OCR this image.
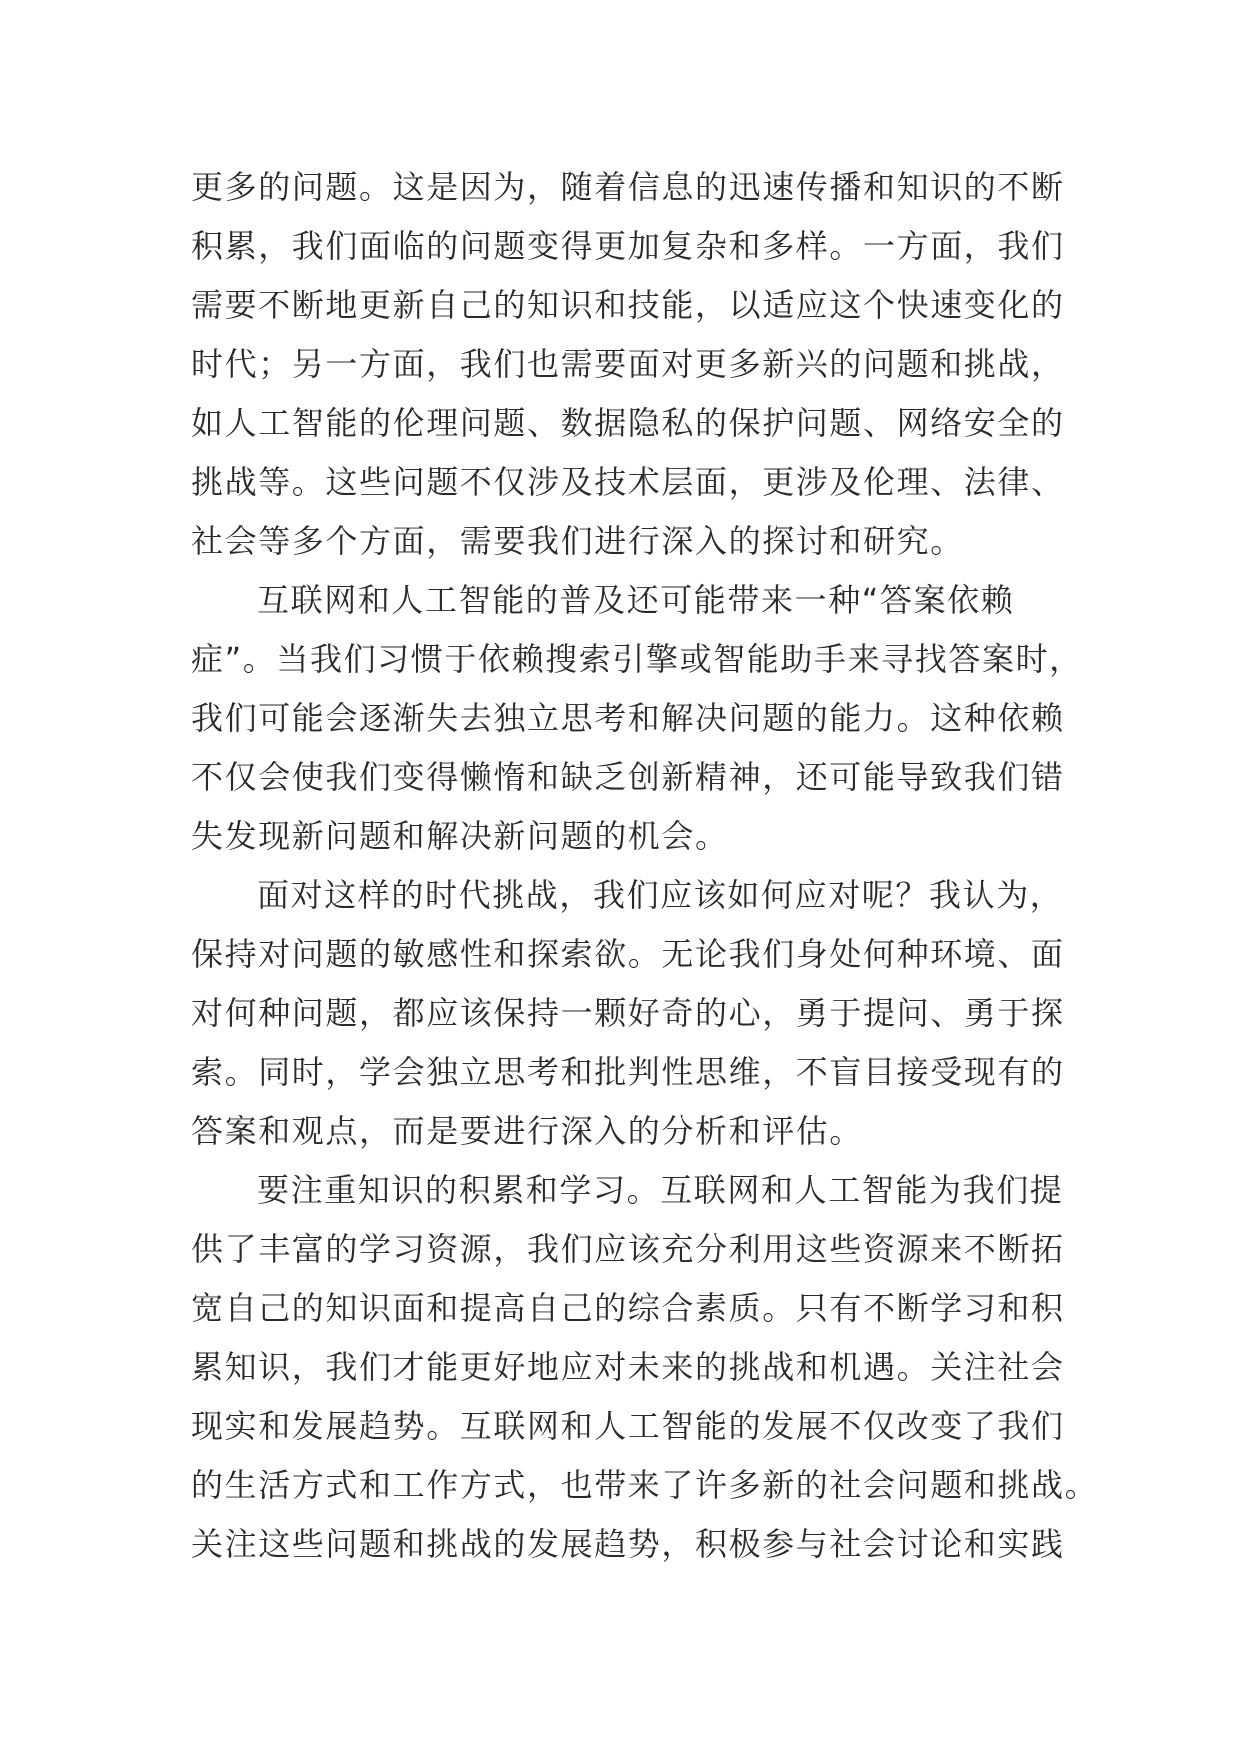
更多的问题。这是因为，随着信息的迅速传播和知识的不断
积累，我们面临的问题变得更加复杂和多样。一方面，我们
需要不断地更新自己的知识和技能，以适应这个快速变化的
时代；另一方面，我们也需要面对更多新兴的问题和挑战，
如人工智能的伦理问题、数据隐私的保护问题、网络安全的
挑战等。这些问题不仅涉及技术层面，更涉及伦理、法律、
社会等多个方面，需要我们进行深入的探讨和研究。
互联网和人工智能的普及还可能带来一种“答案依赖
症”。当我们习惯于依赖搜索引擎或智能助手来寻找答案时，
我们可能会逐渐失去独立思考和解决问题的能力。这种依赖
不仅会使我们变得懒惰和缺乏创新精神，还可能导致我们错
失发现新问题和解决新问题的机会。
面对这样的时代挑战，我们应该如何应对呢？我认为，
保持对问题的敏感性和探索欲。无论我们身处何种环境、面
对何种问题，都应该保持一颗好奇的心，勇于提问、勇于探
索。同时，学会独立思考和批判性思维，不盲目接受现有的
答案和观点，而是要进行深入的分析和评估。
要注重知识的积累和学习。互联网和人工智能为我们提
供了丰富的学习资源，我们应该充分利用这些资源来不断拓
宽自己的知识面和提高自己的综合素质。只有不断学习和积
累知识，我们才能更好地应对未来的挑战和机遇。关注社会
现实和发展趋势。互联网和人工智能的发展不仅改变了我们
的生活方式和工作方式，也带来了许多新的社会问题和挑战。
关注这些问题和挑战的发展趋势，积极参与社会讨论和实践
